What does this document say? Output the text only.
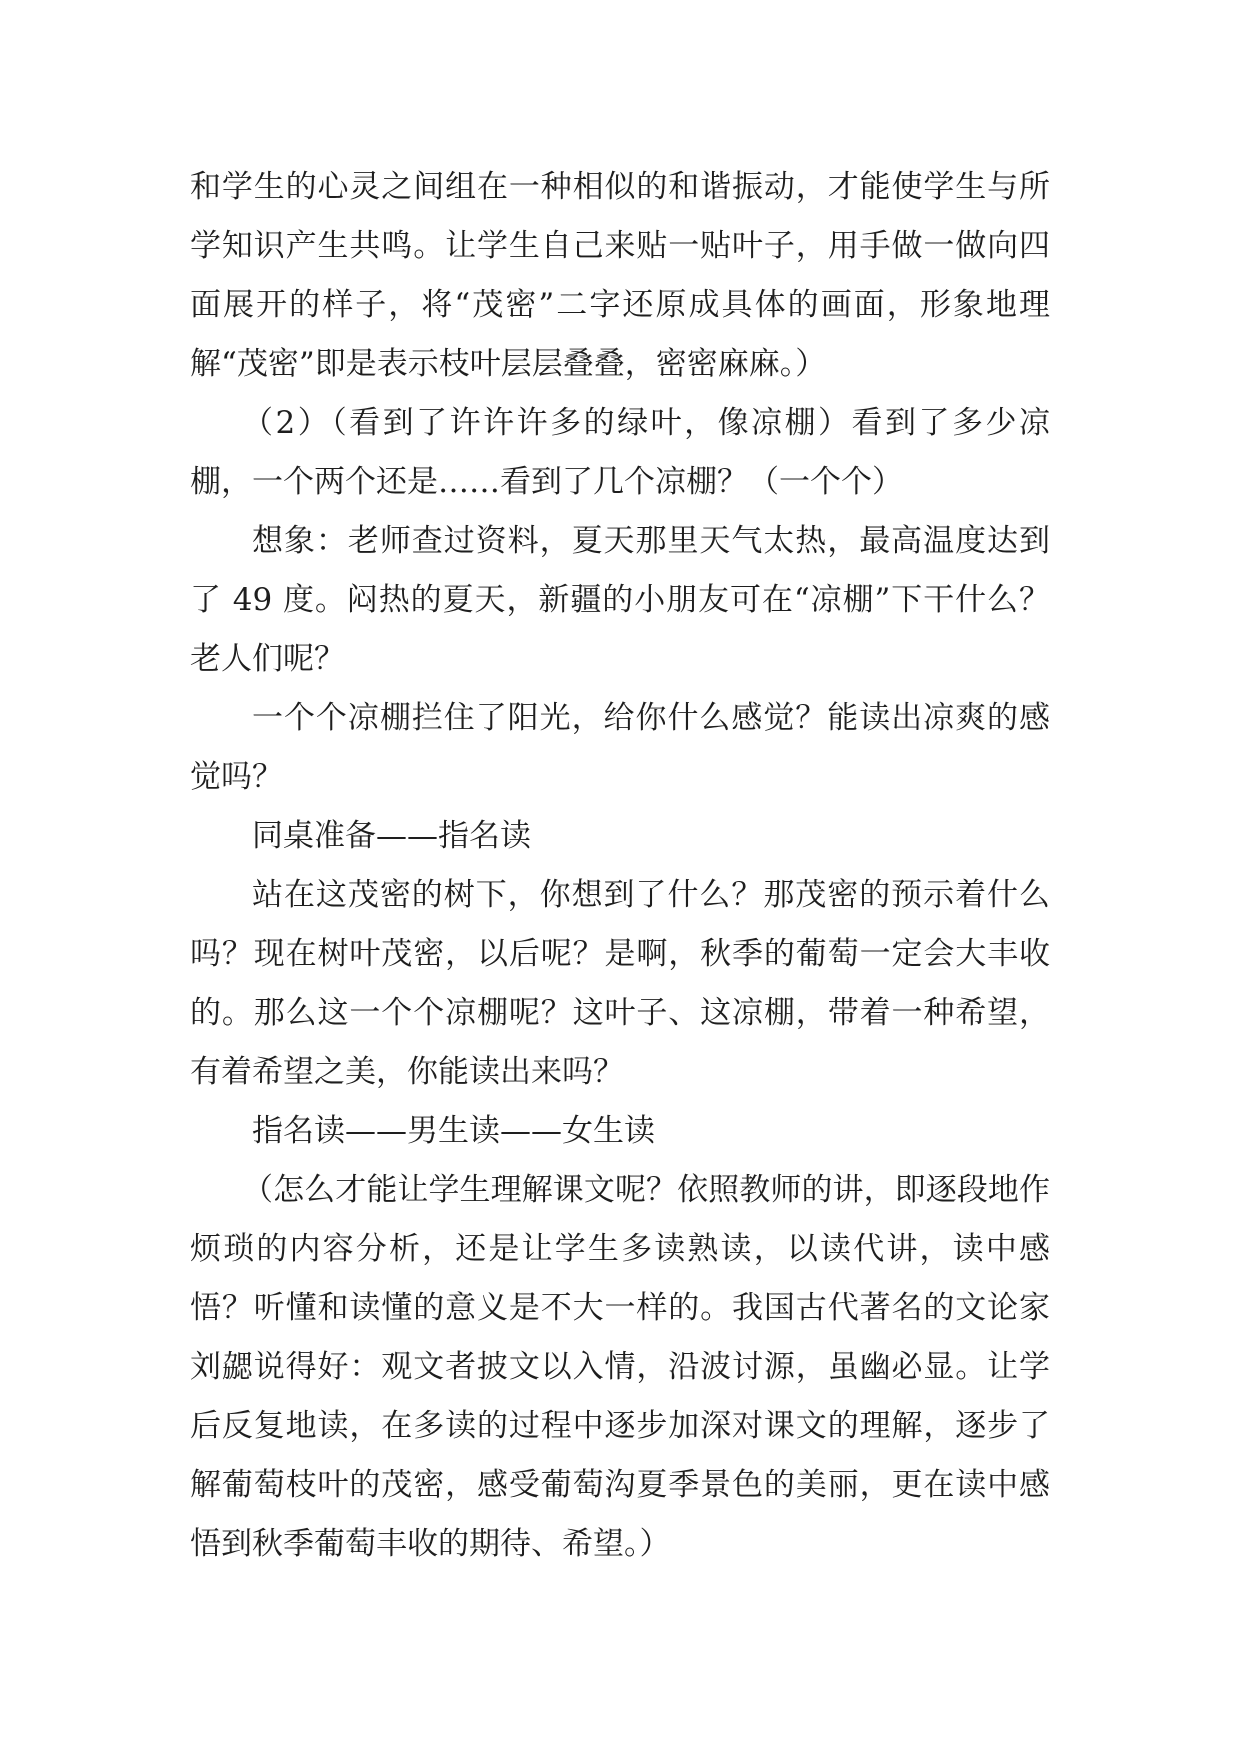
和学生的心灵之间组在一种相似的和谐振动，才能使学生与所学知识产生共鸣。让学生自己来贴一贴叶子，用手做一做向四面展开的样子，将“茂密”二字还原成具体的画面，形象地理解“茂密”即是表示枝叶层层叠叠，密密麻麻。）

（2）（看到了许许许多的绿叶，像凉棚）看到了多少凉棚，一个两个还是……看到了几个凉棚？（一个个）

想象：老师查过资料，夏天那里天气太热，最高温度达到了 49 度。闷热的夏天，新疆的小朋友可在“凉棚”下干什么？老人们呢？

一个个凉棚拦住了阳光，给你什么感觉？能读出凉爽的感觉吗？

同桌准备——指名读

站在这茂密的树下，你想到了什么？那茂密的预示着什么吗？现在树叶茂密，以后呢？是啊，秋季的葡萄一定会大丰收的。那么这一个个凉棚呢？这叶子、这凉棚，带着一种希望，有着希望之美，你能读出来吗？

指名读——男生读——女生读

（怎么才能让学生理解课文呢？依照教师的讲，即逐段地作烦琐的内容分析，还是让学生多读熟读，以读代讲，读中感悟？听懂和读懂的意义是不大一样的。我国古代著名的文论家刘勰说得好：观文者披文以入情，沿波讨源，虽幽必显。让学后反复地读，在多读的过程中逐步加深对课文的理解，逐步了解葡萄枝叶的茂密，感受葡萄沟夏季景色的美丽，更在读中感悟到秋季葡萄丰收的期待、希望。）
